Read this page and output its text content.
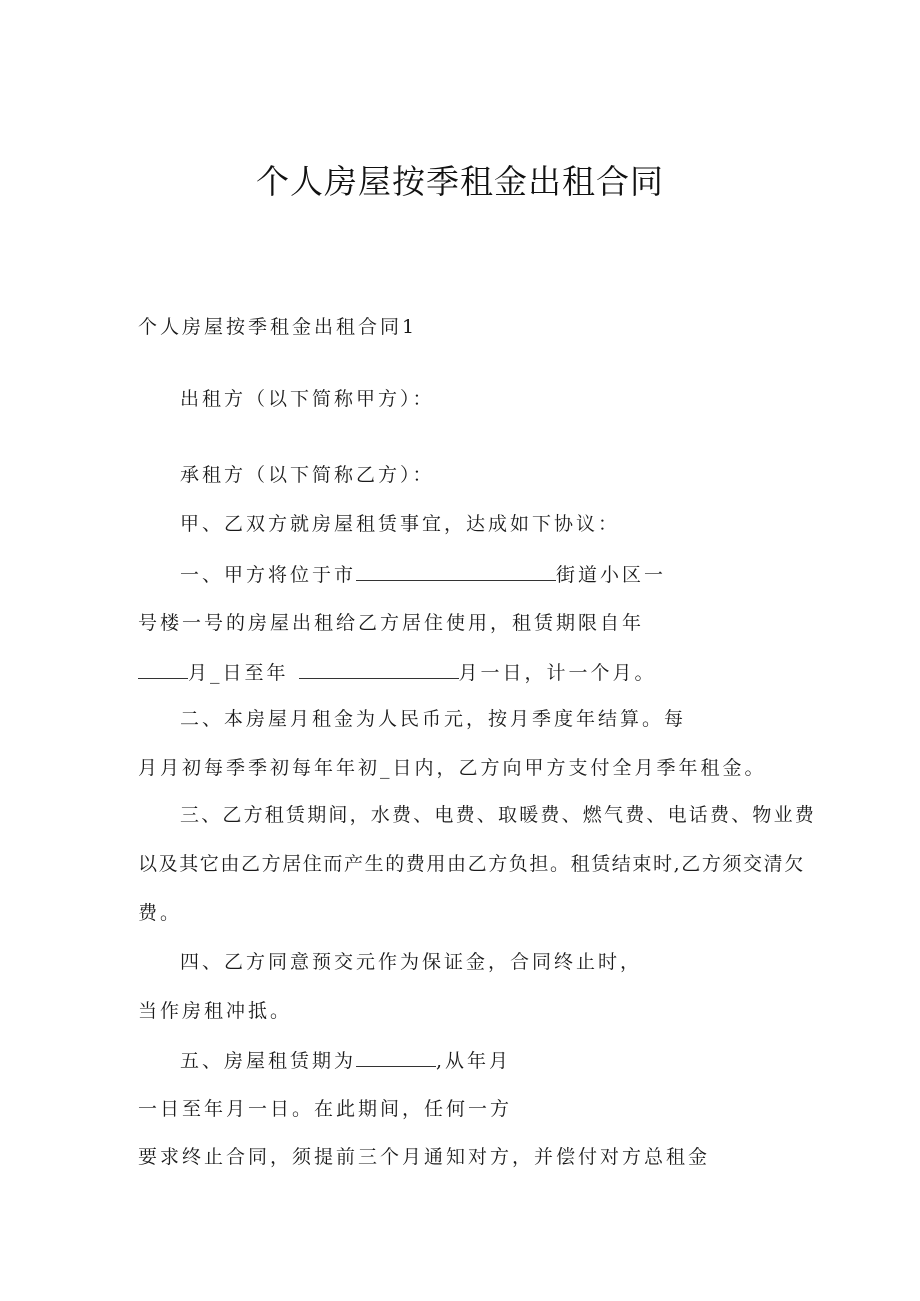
个人房屋按季租金出租合同
个人房屋按季租金出租合同1
出租方（以下简称甲方）：
承租方（以下简称乙方）：
甲、乙双方就房屋租赁事宜，达成如下协议：
一、甲方将位于市	街道小区一
号楼一号的房屋出租给乙方居住使用，租赁期限自年
月_日至年	月一日，计一个月。
二、本房屋月租金为人民币元，按月季度年结算。每
月月初每季季初每年年初_日内，乙方向甲方支付全月季年租金。
三、乙方租赁期间，水费、电费、取暖费、燃气费、电话费、物业费
以及其它由乙方居住而产生的费用由乙方负担。租赁结束时,乙方须交清欠
费。
四、乙方同意预交元作为保证金，合同终止时，
当作房租冲抵。
五、房屋租赁期为	,从年月
一日至年月一日。在此期间，任何一方
要求终止合同，须提前三个月通知对方，并偿付对方总租金
